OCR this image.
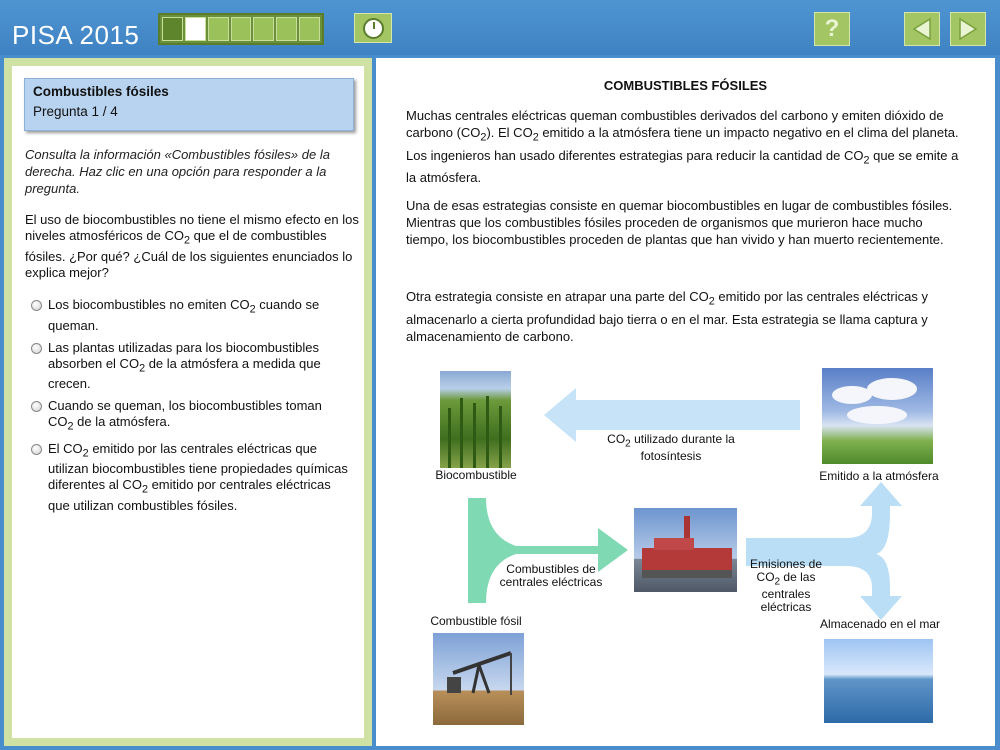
PISA 2015	?
Combustibles fósiles
Pregunta 1 / 4
Consulta la información «Combustibles fósiles» de la derecha. Haz clic en una opción para responder a la pregunta.
El uso de biocombustibles no tiene el mismo efecto en los niveles atmosféricos de $CO_2$ que el de combustibles fósiles. ¿Por qué? ¿Cuál de los siguientes enunciados lo explica mejor?
Los biocombustibles no emiten $CO_2$ cuando se queman.
Las plantas utilizadas para los biocombustibles absorben el $CO_2$ de la atmósfera a medida que crecen.
Cuando se queman, los biocombustibles toman $CO_2$ de la atmósfera.
El $CO_2$ emitido por las centrales eléctricas que utilizan biocombustibles tiene propiedades químicas diferentes al $CO_2$ emitido por centrales eléctricas que utilizan combustibles fósiles.
COMBUSTIBLES FÓSILES
Muchas centrales eléctricas queman combustibles derivados del carbono y emiten dióxido de carbono $(CO_2)$. El $CO_2$ emitido a la atmósfera tiene un impacto negativo en el clima del planeta. Los ingenieros han usado diferentes estrategias para reducir la cantidad de $CO_2$ que se emite a la atmósfera.
Una de esas estrategias consiste en quemar biocombustibles en lugar de combustibles fósiles. Mientras que los combustibles fósiles proceden de organismos que murieron hace mucho tiempo, los biocombustibles proceden de plantas que han vivido y han muerto recientemente.
Otra estrategia consiste en atrapar una parte del $CO_2$ emitido por las centrales eléctricas y almacenarlo a cierta profundidad bajo tierra o en el mar. Esta estrategia se llama captura y almacenamiento de carbono.
Biocombustible	Emitido a la atmósfera
Combustible fósil	Almacenado en el mar
$CO_2$ utilizado durante la fotosíntesis
Combustibles de centrales eléctricas
Emisiones de $CO_2$ de las centrales eléctricas
